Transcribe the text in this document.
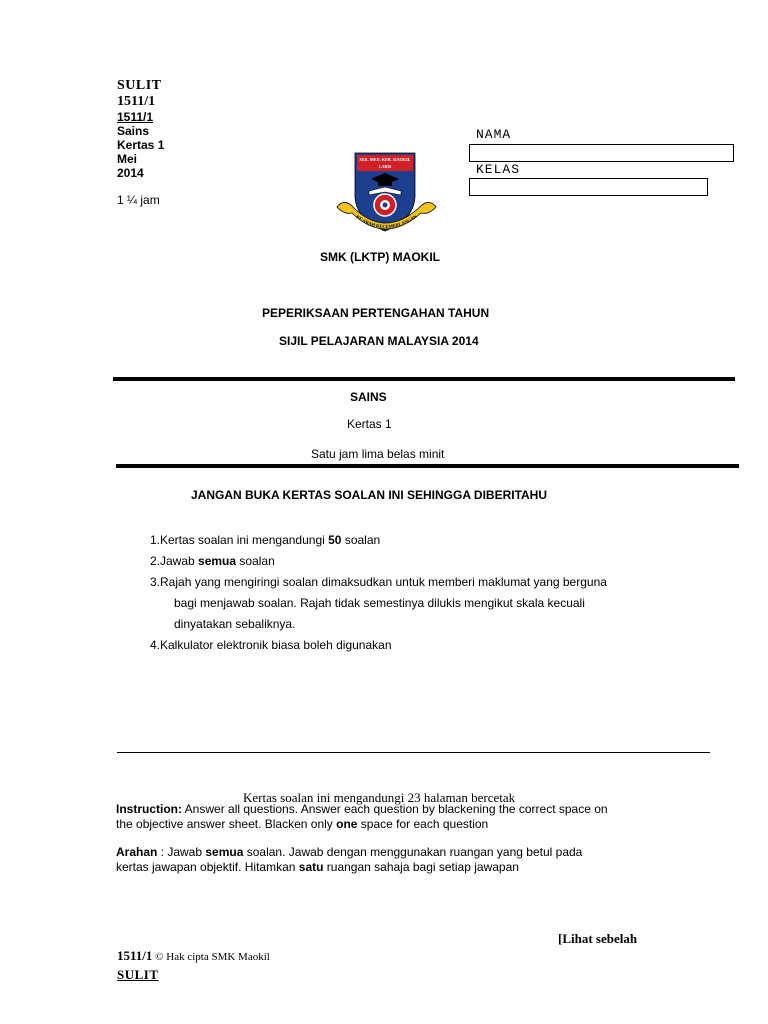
SULIT
1511/1
1511/1
Sains
Kertas 1
Mei
2014
1 ¼ jam
NAMA
KELAS
SEK. MEN. KEB. MAOKIL
LABIS
KE ARAH KECEMERLANGAN
SMK (LKTP) MAOKIL
PEPERIKSAAN PERTENGAHAN TAHUN
SIJIL PELAJARAN MALAYSIA 2014
SAINS
Kertas 1
Satu jam lima belas minit
JANGAN BUKA KERTAS SOALAN INI SEHINGGA DIBERITAHU
1.Kertas soalan ini mengandungi 50 soalan
2.Jawab semua soalan
3.Rajah yang mengiringi soalan dimaksudkan untuk memberi maklumat yang berguna
bagi menjawab soalan. Rajah tidak semestinya dilukis mengikut skala kecuali
dinyatakan sebaliknya.
4.Kalkulator elektronik biasa boleh digunakan
Kertas soalan ini mengandungi 23 halaman bercetak
Instruction: Answer all questions. Answer each question by blackening the correct space on
the objective answer sheet. Blacken only one space for each question
Arahan : Jawab semua soalan. Jawab dengan menggunakan ruangan yang betul pada
kertas jawapan objektif. Hitamkan satu ruangan sahaja bagi setiap jawapan
[Lihat sebelah
1511/1 © Hak cipta SMK Maokil
SULIT
